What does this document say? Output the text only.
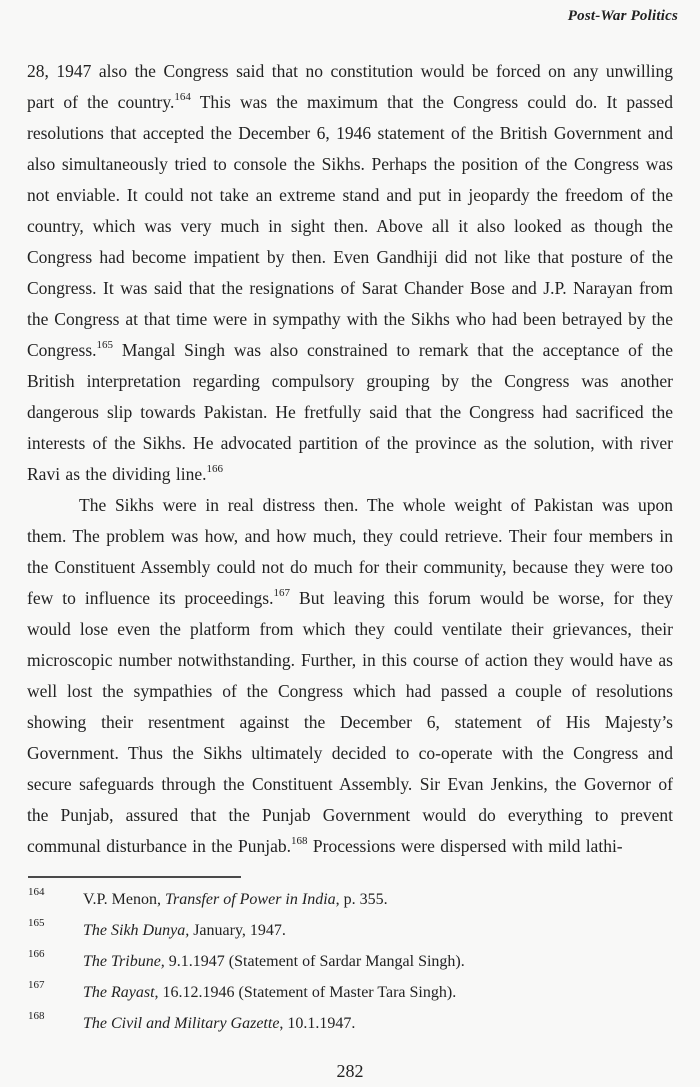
Post-War Politics

28, 1947 also the Congress said that no constitution would be forced on any unwilling part of the country.$^{164}$ This was the maximum that the Congress could do. It passed resolutions that accepted the December 6, 1946 statement of the British Government and also simultaneously tried to console the Sikhs. Perhaps the position of the Congress was not enviable. It could not take an extreme stand and put in jeopardy the freedom of the country, which was very much in sight then. Above all it also looked as though the Congress had become impatient by then. Even Gandhiji did not like that posture of the Congress. It was said that the resignations of Sarat Chander Bose and J.P. Narayan from the Congress at that time were in sympathy with the Sikhs who had been betrayed by the Congress.$^{165}$ Mangal Singh was also constrained to remark that the acceptance of the British interpretation regarding compulsory grouping by the Congress was another dangerous slip towards Pakistan. He fretfully said that the Congress had sacrificed the interests of the Sikhs. He advocated partition of the province as the solution, with river Ravi as the dividing line.$^{166}$

The Sikhs were in real distress then. The whole weight of Pakistan was upon them. The problem was how, and how much, they could retrieve. Their four members in the Constituent Assembly could not do much for their community, because they were too few to influence its proceedings.$^{167}$ But leaving this forum would be worse, for they would lose even the platform from which they could ventilate their grievances, their microscopic number notwithstanding. Further, in this course of action they would have as well lost the sympathies of the Congress which had passed a couple of resolutions showing their resentment against the December 6, statement of His Majesty’s Government. Thus the Sikhs ultimately decided to co-operate with the Congress and secure safeguards through the Constituent Assembly. Sir Evan Jenkins, the Governor of the Punjab, assured that the Punjab Government would do everything to prevent communal disturbance in the Punjab.$^{168}$ Processions were dispersed with mild lathi-

164 V.P. Menon, Transfer of Power in India, p. 355.
165 The Sikh Dunya, January, 1947.
166 The Tribune, 9.1.1947 (Statement of Sardar Mangal Singh).
167 The Rayast, 16.12.1946 (Statement of Master Tara Singh).
168 The Civil and Military Gazette, 10.1.1947.
282
